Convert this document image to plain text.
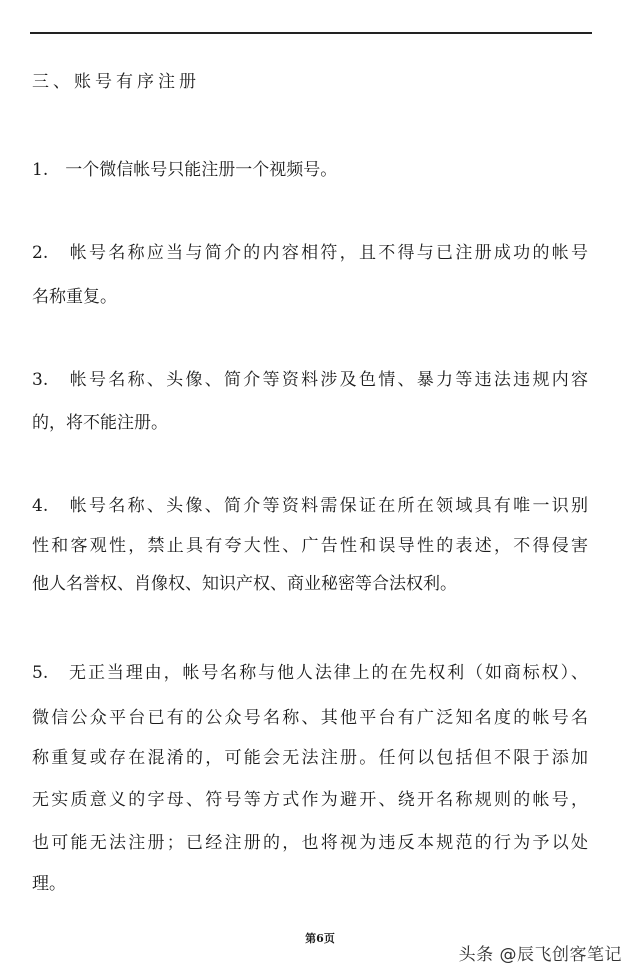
三、账号有序注册
1.　一个微信帐号只能注册一个视频号。
2.　帐号名称应当与简介的内容相符，且不得与已注册成功的帐号
名称重复。
3.　帐号名称、头像、简介等资料涉及色情、暴力等违法违规内容
的，将不能注册。
4.　帐号名称、头像、简介等资料需保证在所在领域具有唯一识别
性和客观性，禁止具有夸大性、广告性和误导性的表述，不得侵害
他人名誉权、肖像权、知识产权、商业秘密等合法权利。
5.　无正当理由，帐号名称与他人法律上的在先权利（如商标权）、
微信公众平台已有的公众号名称、其他平台有广泛知名度的帐号名
称重复或存在混淆的，可能会无法注册。任何以包括但不限于添加
无实质意义的字母、符号等方式作为避开、绕开名称规则的帐号，
也可能无法注册；已经注册的，也将视为违反本规范的行为予以处
理。
第6页
头条 @辰飞创客笔记
